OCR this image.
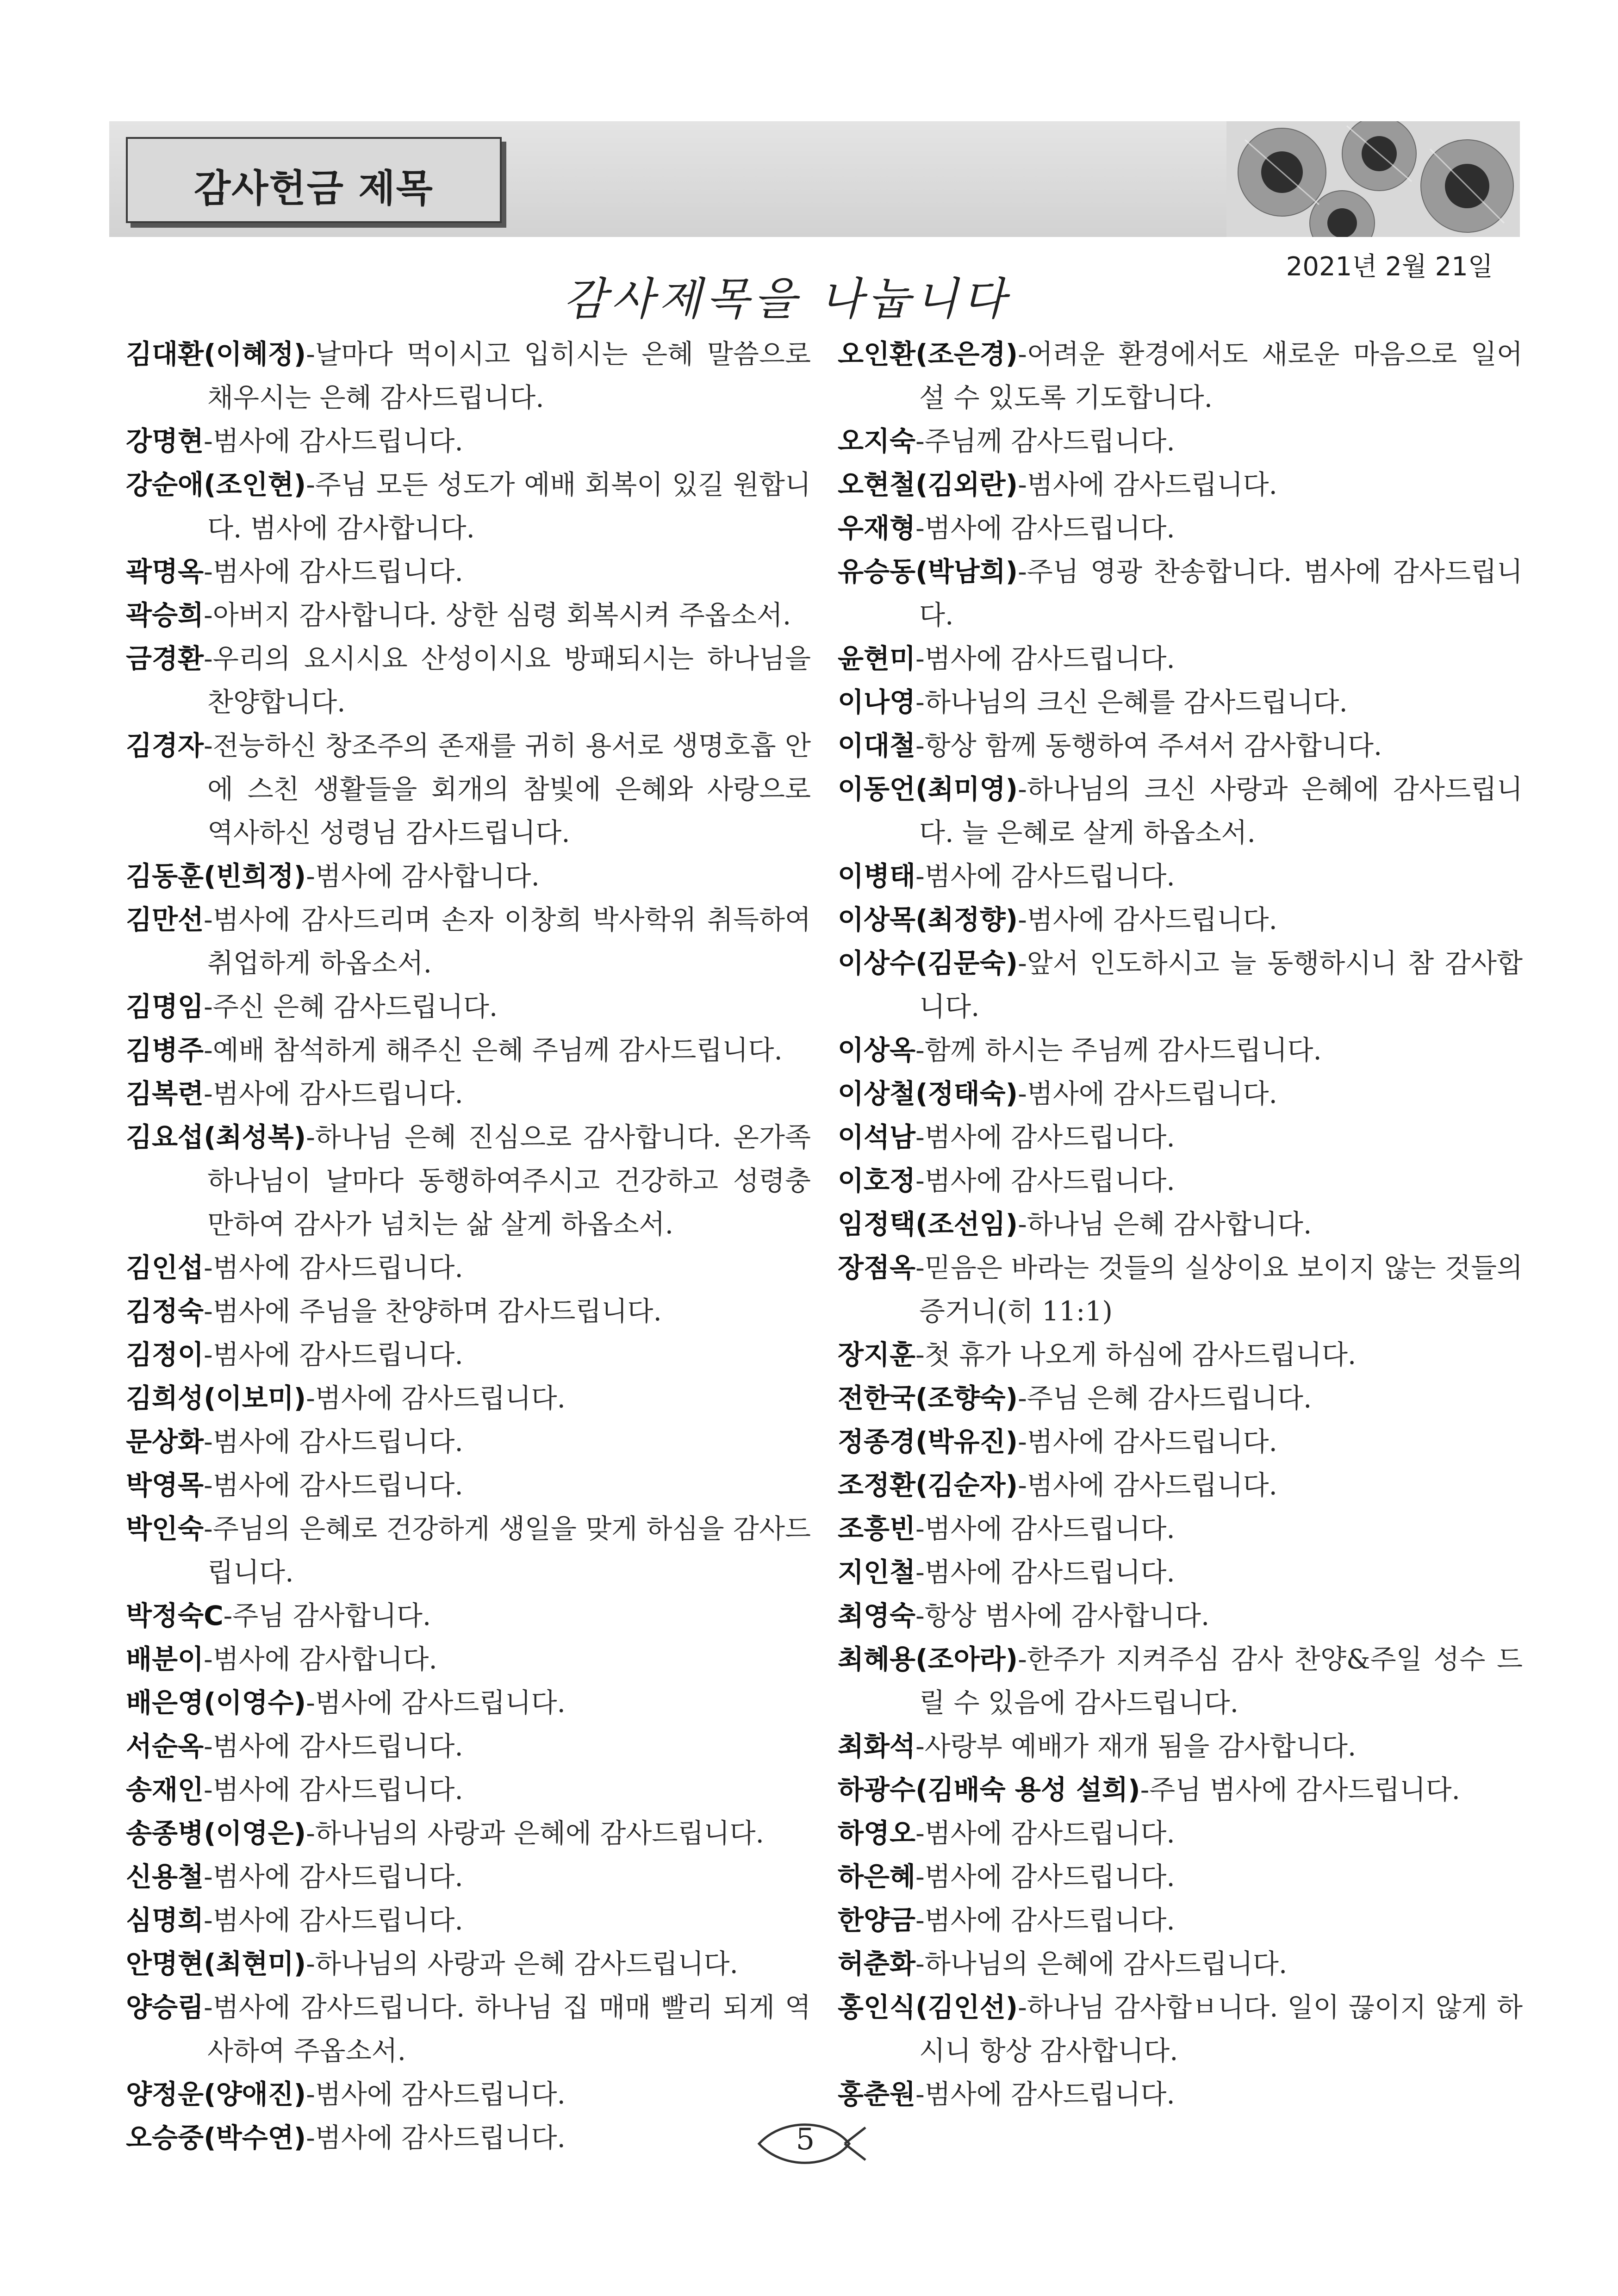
감사헌금 제목
2021년 2월 21일
감사제목을 나눕니다
김대환(이혜정)-날마다 먹이시고 입히시는 은혜 말씀으로 채우시는 은혜 감사드립니다.
강명현-범사에 감사드립니다.
강순애(조인현)-주님 모든 성도가 예배 회복이 있길 원합니다. 범사에 감사합니다.
곽명옥-범사에 감사드립니다.
곽승희-아버지 감사합니다. 상한 심령 회복시켜 주옵소서.
금경환-우리의 요시시요 산성이시요 방패되시는 하나님을 찬양합니다.
김경자-전능하신 창조주의 존재를 귀히 용서로 생명호흡 안에 스친 생활들을 회개의 참빛에 은혜와 사랑으로 역사하신 성령님 감사드립니다.
김동훈(빈희정)-범사에 감사합니다.
김만선-범사에 감사드리며 손자 이창희 박사학위 취득하여 취업하게 하옵소서.
김명임-주신 은혜 감사드립니다.
김병주-예배 참석하게 해주신 은혜 주님께 감사드립니다.
김복련-범사에 감사드립니다.
김요섭(최성복)-하나님 은혜 진심으로 감사합니다. 온가족 하나님이 날마다 동행하여주시고 건강하고 성령충만하여 감사가 넘치는 삶 살게 하옵소서.
김인섭-범사에 감사드립니다.
김정숙-범사에 주님을 찬양하며 감사드립니다.
김정이-범사에 감사드립니다.
김희성(이보미)-범사에 감사드립니다.
문상화-범사에 감사드립니다.
박영목-범사에 감사드립니다.
박인숙-주님의 은혜로 건강하게 생일을 맞게 하심을 감사드립니다.
박정숙C-주님 감사합니다.
배분이-범사에 감사합니다.
배은영(이영수)-범사에 감사드립니다.
서순옥-범사에 감사드립니다.
송재인-범사에 감사드립니다.
송종병(이영은)-하나님의 사랑과 은혜에 감사드립니다.
신용철-범사에 감사드립니다.
심명희-범사에 감사드립니다.
안명현(최현미)-하나님의 사랑과 은혜 감사드립니다.
양승림-범사에 감사드립니다. 하나님 집 매매 빨리 되게 역사하여 주옵소서.
양정운(양애진)-범사에 감사드립니다.
오승중(박수연)-범사에 감사드립니다.
오인환(조은경)-어려운 환경에서도 새로운 마음으로 일어설 수 있도록 기도합니다.
오지숙-주님께 감사드립니다.
오현철(김외란)-범사에 감사드립니다.
우재형-범사에 감사드립니다.
유승동(박남희)-주님 영광 찬송합니다. 범사에 감사드립니다.
윤현미-범사에 감사드립니다.
이나영-하나님의 크신 은혜를 감사드립니다.
이대철-항상 함께 동행하여 주셔서 감사합니다.
이동언(최미영)-하나님의 크신 사랑과 은혜에 감사드립니다. 늘 은혜로 살게 하옵소서.
이병태-범사에 감사드립니다.
이상목(최정향)-범사에 감사드립니다.
이상수(김문숙)-앞서 인도하시고 늘 동행하시니 참 감사합니다.
이상옥-함께 하시는 주님께 감사드립니다.
이상철(정태숙)-범사에 감사드립니다.
이석남-범사에 감사드립니다.
이호정-범사에 감사드립니다.
임정택(조선임)-하나님 은혜 감사합니다.
장점옥-믿음은 바라는 것들의 실상이요 보이지 않는 것들의 증거니(히 11:1)
장지훈-첫 휴가 나오게 하심에 감사드립니다.
전한국(조향숙)-주님 은혜 감사드립니다.
정종경(박유진)-범사에 감사드립니다.
조정환(김순자)-범사에 감사드립니다.
조흥빈-범사에 감사드립니다.
지인철-범사에 감사드립니다.
최영숙-항상 범사에 감사합니다.
최혜용(조아라)-한주가 지켜주심 감사 찬양&주일 성수 드릴 수 있음에 감사드립니다.
최화석-사랑부 예배가 재개 됨을 감사합니다.
하광수(김배숙 용성 설희)-주님 범사에 감사드립니다.
하영오-범사에 감사드립니다.
하은혜-범사에 감사드립니다.
한양금-범사에 감사드립니다.
허춘화-하나님의 은혜에 감사드립니다.
홍인식(김인선)-하나님 감사합ㅂ니다. 일이 끊이지 않게 하시니 항상 감사합니다.
홍춘원-범사에 감사드립니다.
5
